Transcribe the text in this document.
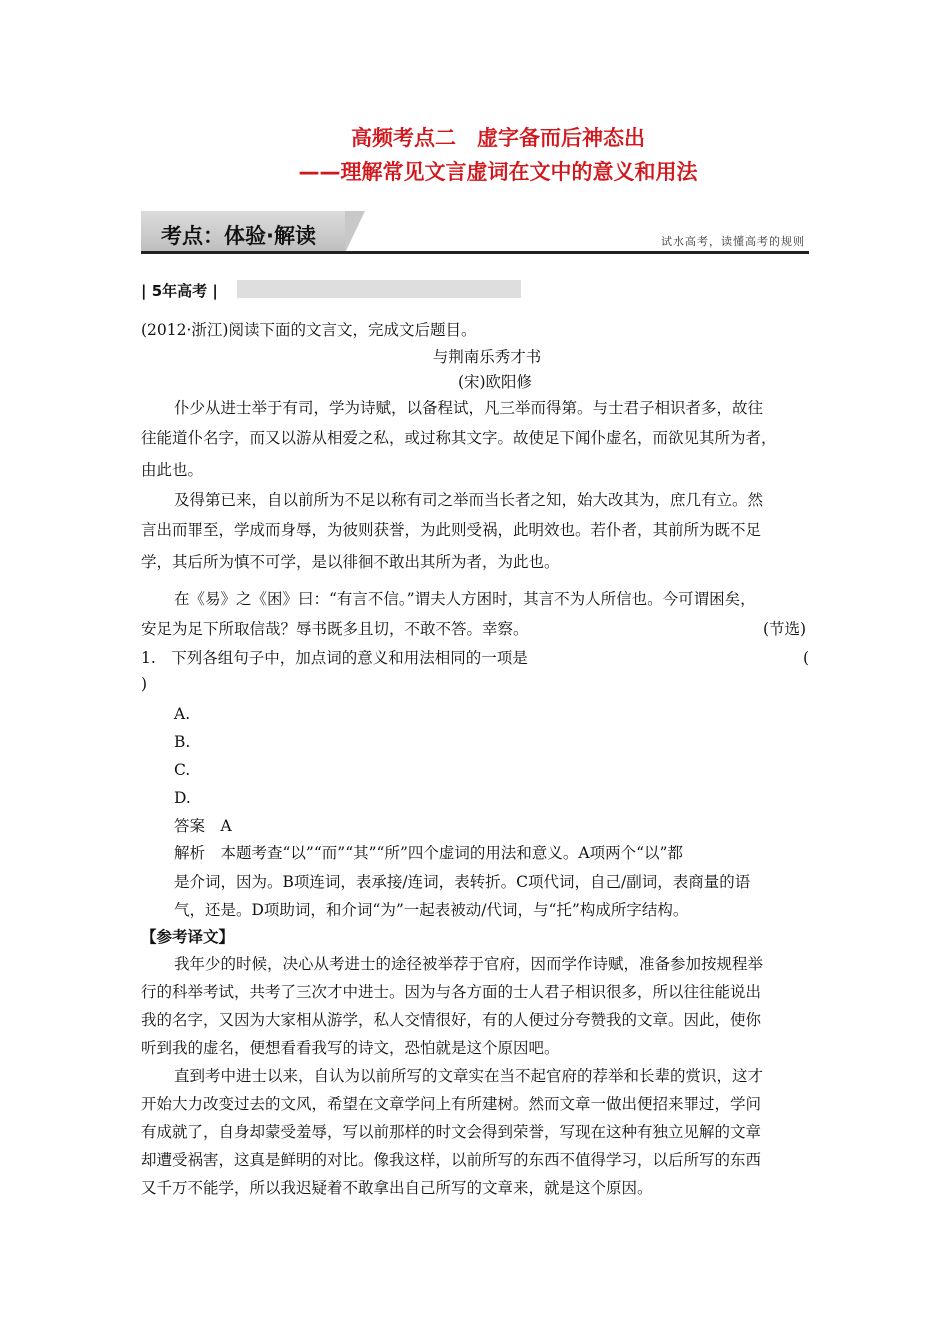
高频考点二　虚字备而后神态出
——理解常见文言虚词在文中的意义和用法
考点：体验·解读	试水高考，读懂高考的规则
| 5年高考 |
(2012·浙江)阅读下面的文言文，完成文后题目。
与荆南乐秀才书
(宋)欧阳修
仆少从进士举于有司，学为诗赋，以备程试，凡三举而得第。与士君子相识者多，故往
往能道仆名字，而又以游从相爱之私，或过称其文字。故使足下闻仆虚名，而欲见其所为者，
由此也。
及得第已来，自以前所为不足以称有司之举而当长者之知，始大改其为，庶几有立。然
言出而罪至，学成而身辱，为彼则获誉，为此则受祸，此明效也。若仆者，其前所为既不足
学，其后所为慎不可学，是以徘徊不敢出其所为者，为此也。
在《易》之《困》曰：“有言不信。”谓夫人方困时，其言不为人所信也。今可谓困矣，
安足为足下所取信哉？辱书既多且切，不敢不答。幸察。	(节选)
1.　下列各组句子中，加点词的意义和用法相同的一项是	(
)
A.
B.
C.
D.
答案　A
解析　本题考查“以”“而”“其”“所”四个虚词的用法和意义。A项两个“以”都
是介词，因为。B项连词，表承接/连词，表转折。C项代词，自己/副词，表商量的语
气，还是。D项助词，和介词“为”一起表被动/代词，与“托”构成所字结构。
【参考译文】
我年少的时候，决心从考进士的途径被举荐于官府，因而学作诗赋，准备参加按规程举
行的科举考试，共考了三次才中进士。因为与各方面的士人君子相识很多，所以往往能说出
我的名字，又因为大家相从游学，私人交情很好，有的人便过分夸赞我的文章。因此，使你
听到我的虚名，便想看看我写的诗文，恐怕就是这个原因吧。
直到考中进士以来，自认为以前所写的文章实在当不起官府的荐举和长辈的赏识，这才
开始大力改变过去的文风，希望在文章学问上有所建树。然而文章一做出便招来罪过，学问
有成就了，自身却蒙受羞辱，写以前那样的时文会得到荣誉，写现在这种有独立见解的文章
却遭受祸害，这真是鲜明的对比。像我这样，以前所写的东西不值得学习，以后所写的东西
又千万不能学，所以我迟疑着不敢拿出自己所写的文章来，就是这个原因。
